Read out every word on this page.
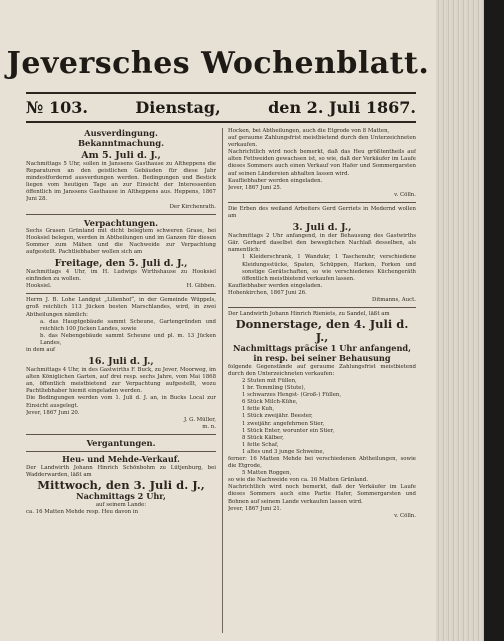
Jeversches Wochenblatt.
№ 103.	Dienstag,	den 2. Juli 1867.

Ausverdingung.

Bekanntmachung.

Am 5. Juli d. J.,

Nachmittags 5 Uhr, sollen in Janssens Gasthause zu Altheppens die Reparaturen an den geistlichen Gebäuden für diese Jahr mindestfordernd ausverdungen werden. Bedingungen und Bestick liegen vom heutigen Tage an zur Einsicht der Interessenten öffentlich im Janssens Gasthause in Altheppens aus. Heppens, 1867 Juni 28.

Der Kirchenrath.

Verpachtungen.

Sechs Grasen Grünland mit dicht belegtem schweren Grase, bei Hooksiel belegen, werden in Abtheilungen und im Ganzen für diesen Sommer zum Mähen und die Nachweide zur Verpachtung aufgestellt. Pachtliebhaber wollen sich am

Freitage, den 5. Juli d. J.,

Nachmittags 4 Uhr, im H. Ludwigs Wirthshause zu Hooksiel einfinden zu wollen.

Hooksiel.	H. Gibben.

Herrn J. B. Lohe Landgut „Lilienhof“, in der Gemeinde Wüppels, groß reichlich 113 Jücken besten Marschlandes, wird, in zwei Abtheilungen nämlich:

a. das Hauptgebäude sammt Scheune, Gartengründen und reichlich 100 Jücken Landes, sowie

b. das Nebengebäude sammt Scheune und pl. m. 13 Jücken Landes,

in dem auf

16. Juli d. J.,

Nachmittags 4 Uhr, in des Gastwirths F. Buck, zu Jever, Moorweg, im alten Königlichen Garten, auf drei resp. sechs Jahre, vom Mai 1868 an, öffentlich meistbietend zur Verpachtung aufgestellt, wozu Pachtliebhaber hiemit eingeladen werden.

Die Bedingungen werden vom 1. Juli d. J. an, in Bucks Local zur Einsicht ausgelegt.

Jever, 1867 Juni 20.

J. G. Müller,

m. n.

Vergantungen.

Heu- und Mehde-Verkauf.

Der Landwirth Johann Hinrich Schönbohm zu Lütjenburg, bei Wadderwarden, läßt am

Mittwoch, den 3. Juli d. J.,

Nachmittags 2 Uhr,

auf seinem Lande:

ca. 16 Matten Mehde resp. Heu davon in

Hocken, bei Abtheilungen, auch die Etgrode von 8 Matten,

auf geraume Zahlungsfrist meistbietend durch den Unterzeichneten verkaufen.

Nachrichtlich wird noch bemerkt, daß das Heu größtentheils auf alten Fettweiden gewachsen ist, so wie, daß der Verkäufer im Laufe dieses Sommers auch einen Verkauf von Hafer und Sommergarsten auf seinen Ländereien abhalten lassen wird.

Kaufliebhaber werden eingeladen.

Jever, 1867 Juni 25.

v. Cölln.

Die Erben des weiland Arbeiters Gerd Gerriets in Medernd wollen am

3. Juli d. J.,

Nachmittags 2 Uhr anfangend, in der Behausung des Gastwirths Gär. Gerhard daselbst den beweglichen Nachlaß desselben, als namentlich:

1 Kleiderschrank, 1 Wandukr, 1 Taschenuhr, verschiedene Kleidungsstücke, Spaten, Schüppen, Harken, Forken und sonstige Gerätschaften, so wie verschiedenes Küchengeräth öffentlich meistbietend verkaufen lassen.

Kaufliebhaber werden eingeladen.

Hohenkirchen, 1867 Juni 26.

Ditmanns, Auct.

Der Landwirth Johann Hinrich Rieniets, zu Sandel, läßt am

Donnerstage, den 4. Juli d. J.,

Nachmittags präcise 1 Uhr anfangend, in resp. bei seiner Behausung

folgende Gegenstände auf geraume Zahlungsfrist meistbietend durch den Unterzeichneten verkaufen:

2 Stuten mit Füllen,

1 br. Temmling (Stute),

1 schwarzes Hengst- (Groß-) Füllen,

6 Stück Milch-Kühe,

1 fette Kuh,

1 Stück zweijähr. Beester,

1 zweijähr. angefehrnen Stier,

1 Stück Enter, worunter ein Stier,

8 Stück Kälber,

1 fette Schaf,

1 altes und 3 junge Schweine,

ferner: 16 Matten Mehde bei verschiedenen Abtheilungen, sowie die Etgrode,

5 Matten Roggen,

so wie die Nachweide von ca. 16 Matten Grünland.

Nachrichtlich wird noch bemerkt, daß der Verkäufer im Laufe dieses Sommers auch eine Partie Hafer, Sommergarsten und Bohnen auf seinem Lande verkaufen lassen wird.

Jever, 1867 Juni 21.

v. Cölln.
